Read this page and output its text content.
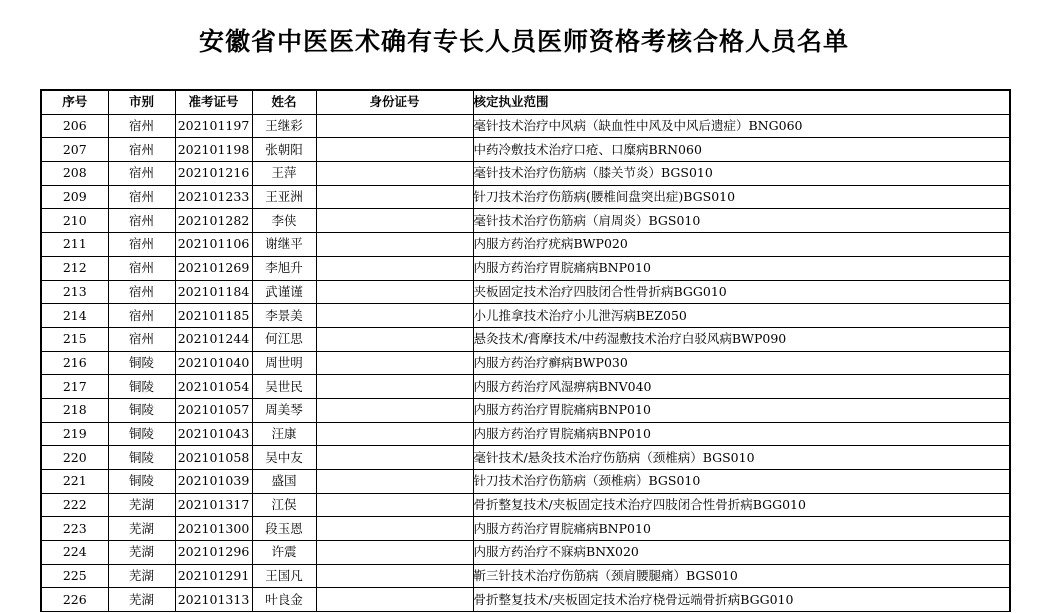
安徽省中医医术确有专长人员医师资格考核合格人员名单
序号	市别	准考证号	姓名	身份证号	核定执业范围
206	宿州	202101197	王继彩		毫针技术治疗中风病（缺血性中风及中风后遗症）BNG060
207	宿州	202101198	张朝阳		中药冷敷技术治疗口疮、口糜病BRN060
208	宿州	202101216	王萍		毫针技术治疗伤筋病（膝关节炎）BGS010
209	宿州	202101233	王亚洲		针刀技术治疗伤筋病(腰椎间盘突出症)BGS010
210	宿州	202101282	李侠		毫针技术治疗伤筋病（肩周炎）BGS010
211	宿州	202101106	谢继平		内服方药治疗疣病BWP020
212	宿州	202101269	李旭升		内服方药治疗胃脘痛病BNP010
213	宿州	202101184	武谨谨		夹板固定技术治疗四肢闭合性骨折病BGG010
214	宿州	202101185	李景美		小儿推拿技术治疗小儿泄泻病BEZ050
215	宿州	202101244	何江思		悬灸技术/膏摩技术/中药湿敷技术治疗白驳风病BWP090
216	铜陵	202101040	周世明		内服方药治疗癣病BWP030
217	铜陵	202101054	吴世民		内服方药治疗风湿痹病BNV040
218	铜陵	202101057	周美琴		内服方药治疗胃脘痛病BNP010
219	铜陵	202101043	汪康		内服方药治疗胃脘痛病BNP010
220	铜陵	202101058	吴中友		毫针技术/悬灸技术治疗伤筋病（颈椎病）BGS010
221	铜陵	202101039	盛国		针刀技术治疗伤筋病（颈椎病）BGS010
222	芜湖	202101317	江俣		骨折整复技术/夹板固定技术治疗四肢闭合性骨折病BGG010
223	芜湖	202101300	段玉恩		内服方药治疗胃脘痛病BNP010
224	芜湖	202101296	许震		内服方药治疗不寐病BNX020
225	芜湖	202101291	王国凡		靳三针技术治疗伤筋病（颈肩腰腿痛）BGS010
226	芜湖	202101313	叶良金		骨折整复技术/夹板固定技术治疗桡骨远端骨折病BGG010
